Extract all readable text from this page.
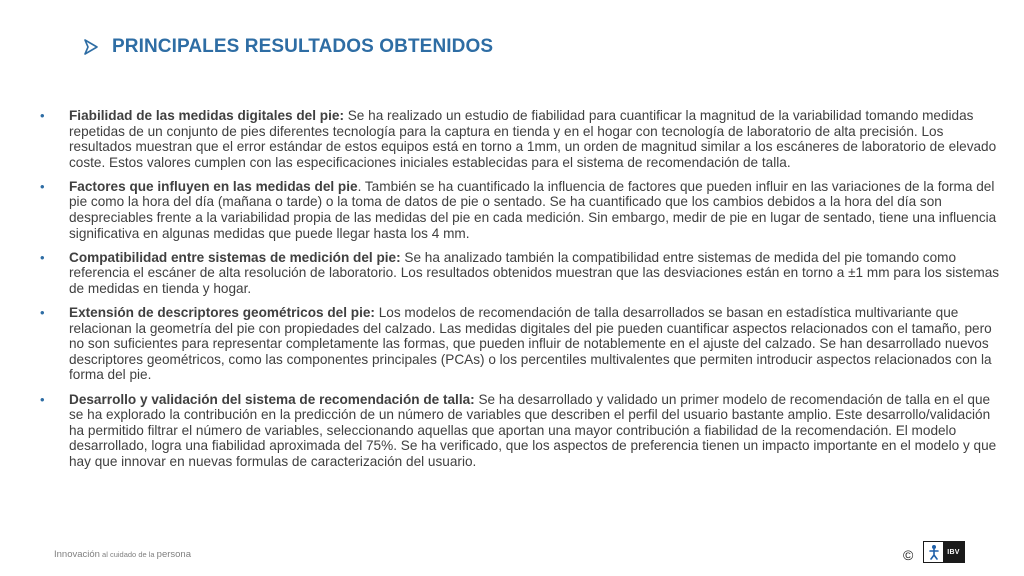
PRINCIPALES RESULTADOS OBTENIDOS
• Fiabilidad de las medidas digitales del pie: Se ha realizado un estudio de fiabilidad para cuantificar la magnitud de la variabilidad tomando medidas repetidas de un conjunto de pies diferentes tecnología para la captura en tienda y en el hogar con tecnología de laboratorio de alta precisión. Los resultados muestran que el error estándar de estos equipos está en torno a 1mm, un orden de magnitud similar a los escáneres de laboratorio de elevado coste. Estos valores cumplen con las especificaciones iniciales establecidas para el sistema de recomendación de talla.
• Factores que influyen en las medidas del pie. También se ha cuantificado la influencia de factores que pueden influir en las variaciones de la forma del pie como la hora del día (mañana o tarde) o la toma de datos de pie o sentado. Se ha cuantificado que los cambios debidos a la hora del día son despreciables frente a la variabilidad propia de las medidas del pie en cada medición. Sin embargo, medir de pie en lugar de sentado, tiene una influencia significativa en algunas medidas que puede llegar hasta los 4 mm.
• Compatibilidad entre sistemas de medición del pie: Se ha analizado también la compatibilidad entre sistemas de medida del pie tomando como referencia el escáner de alta resolución de laboratorio. Los resultados obtenidos muestran que las desviaciones están en torno a ±1 mm para los sistemas de medidas en tienda y hogar.
• Extensión de descriptores geométricos del pie: Los modelos de recomendación de talla desarrollados se basan en estadística multivariante que relacionan la geometría del pie con propiedades del calzado. Las medidas digitales del pie pueden cuantificar aspectos relacionados con el tamaño, pero no son suficientes para representar completamente las formas, que pueden influir de notablemente en el ajuste del calzado. Se han desarrollado nuevos descriptores geométricos, como las componentes principales (PCAs) o los percentiles multivalentes que permiten introducir aspectos relacionados con la forma del pie.
• Desarrollo y validación del sistema de recomendación de talla: Se ha desarrollado y validado un primer modelo de recomendación de talla en el que se ha explorado la contribución en la predicción de un número de variables que describen el perfil del usuario bastante amplio. Este desarrollo/validación ha permitido filtrar el número de variables, seleccionando aquellas que aportan una mayor contribución a fiabilidad de la recomendación. El modelo desarrollado, logra una fiabilidad aproximada del 75%. Se ha verificado, que los aspectos de preferencia tienen un impacto importante en el modelo y que hay que innovar en nuevas formulas de caracterización del usuario.
Innovación al cuidado de la persona	©	IBV
